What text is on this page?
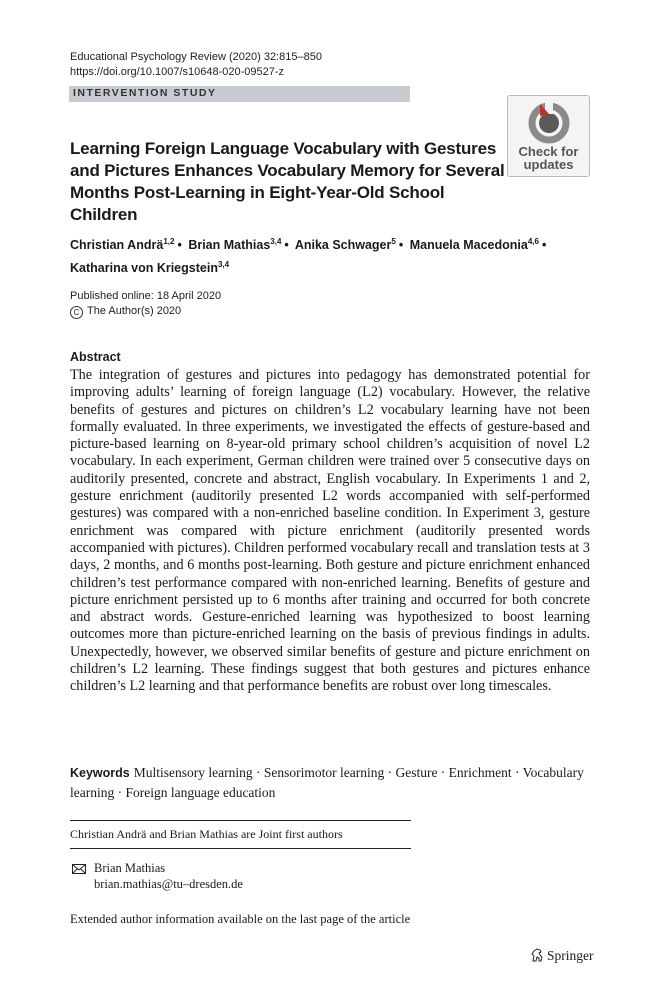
Educational Psychology Review (2020) 32:815–850
https://doi.org/10.1007/s10648-020-09527-z
INTERVENTION STUDY
Check for
updates
Learning Foreign Language Vocabulary with Gestures and Pictures Enhances Vocabulary Memory for Several Months Post-Learning in Eight-Year-Old School Children
Christian Andrä$^{1,2}$ • Brian Mathias$^{3,4}$ • Anika Schwager$^5$ • Manuela Macedonia$^{4,6}$ •
Katharina von Kriegstein$^{3,4}$
Published online: 18 April 2020
C The Author(s) 2020
Abstract
The integration of gestures and pictures into pedagogy has demonstrated potential for improving adults’ learning of foreign language (L2) vocabulary. However, the relative benefits of gestures and pictures on children’s L2 vocabulary learning have not been formally evaluated. In three experiments, we investigated the effects of gesture-based and picture-based learning on 8-year-old primary school children’s acquisition of novel L2 vocabulary. In each experiment, German children were trained over 5 consecutive days on auditorily presented, concrete and abstract, English vocabulary. In Experiments 1 and 2, gesture enrichment (auditorily presented L2 words accompanied with self-performed gestures) was compared with a non-enriched baseline condition. In Experiment 3, gesture enrichment was compared with picture enrichment (auditorily presented words accompanied with pictures). Children performed vocabulary recall and translation tests at 3 days, 2 months, and 6 months post-learning. Both gesture and picture enrichment enhanced children’s test performance compared with non-enriched learning. Benefits of gesture and picture enrichment persisted up to 6 months after training and occurred for both concrete and abstract words. Gesture-enriched learning was hypothesized to boost learning outcomes more than picture-enriched learning on the basis of previous findings in adults. Unexpectedly, however, we observed similar benefits of gesture and picture enrichment on children’s L2 learning. These findings suggest that both gestures and pictures enhance children’s L2 learning and that performance benefits are robust over long timescales.
Keywords Multisensory learning · Sensorimotor learning · Gesture · Enrichment · Vocabulary learning · Foreign language education
Christian Andrä and Brian Mathias are Joint first authors
Brian Mathias
brian.mathias@tu–dresden.de
Extended author information available on the last page of the article
Springer
